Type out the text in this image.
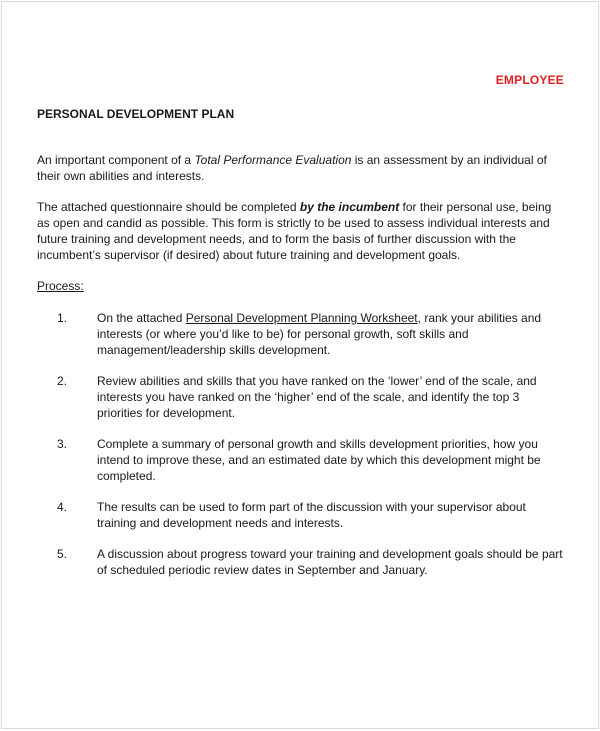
EMPLOYEE
PERSONAL DEVELOPMENT PLAN

An important component of a Total Performance Evaluation is an assessment by an individual of their own abilities and interests.

The attached questionnaire should be completed by the incumbent for their personal use, being as open and candid as possible. This form is strictly to be used to assess individual interests and future training and development needs, and to form the basis of further discussion with the incumbent’s supervisor (if desired) about future training and development goals.

Process:
1. On the attached Personal Development Planning Worksheet, rank your abilities and interests (or where you’d like to be) for personal growth, soft skills and management/leadership skills development.
2. Review abilities and skills that you have ranked on the ‘lower’ end of the scale, and interests you have ranked on the ‘higher’ end of the scale, and identify the top 3 priorities for development.
3. Complete a summary of personal growth and skills development priorities, how you intend to improve these, and an estimated date by which this development might be completed.
4. The results can be used to form part of the discussion with your supervisor about training and development needs and interests.
5. A discussion about progress toward your training and development goals should be part of scheduled periodic review dates in September and January.
